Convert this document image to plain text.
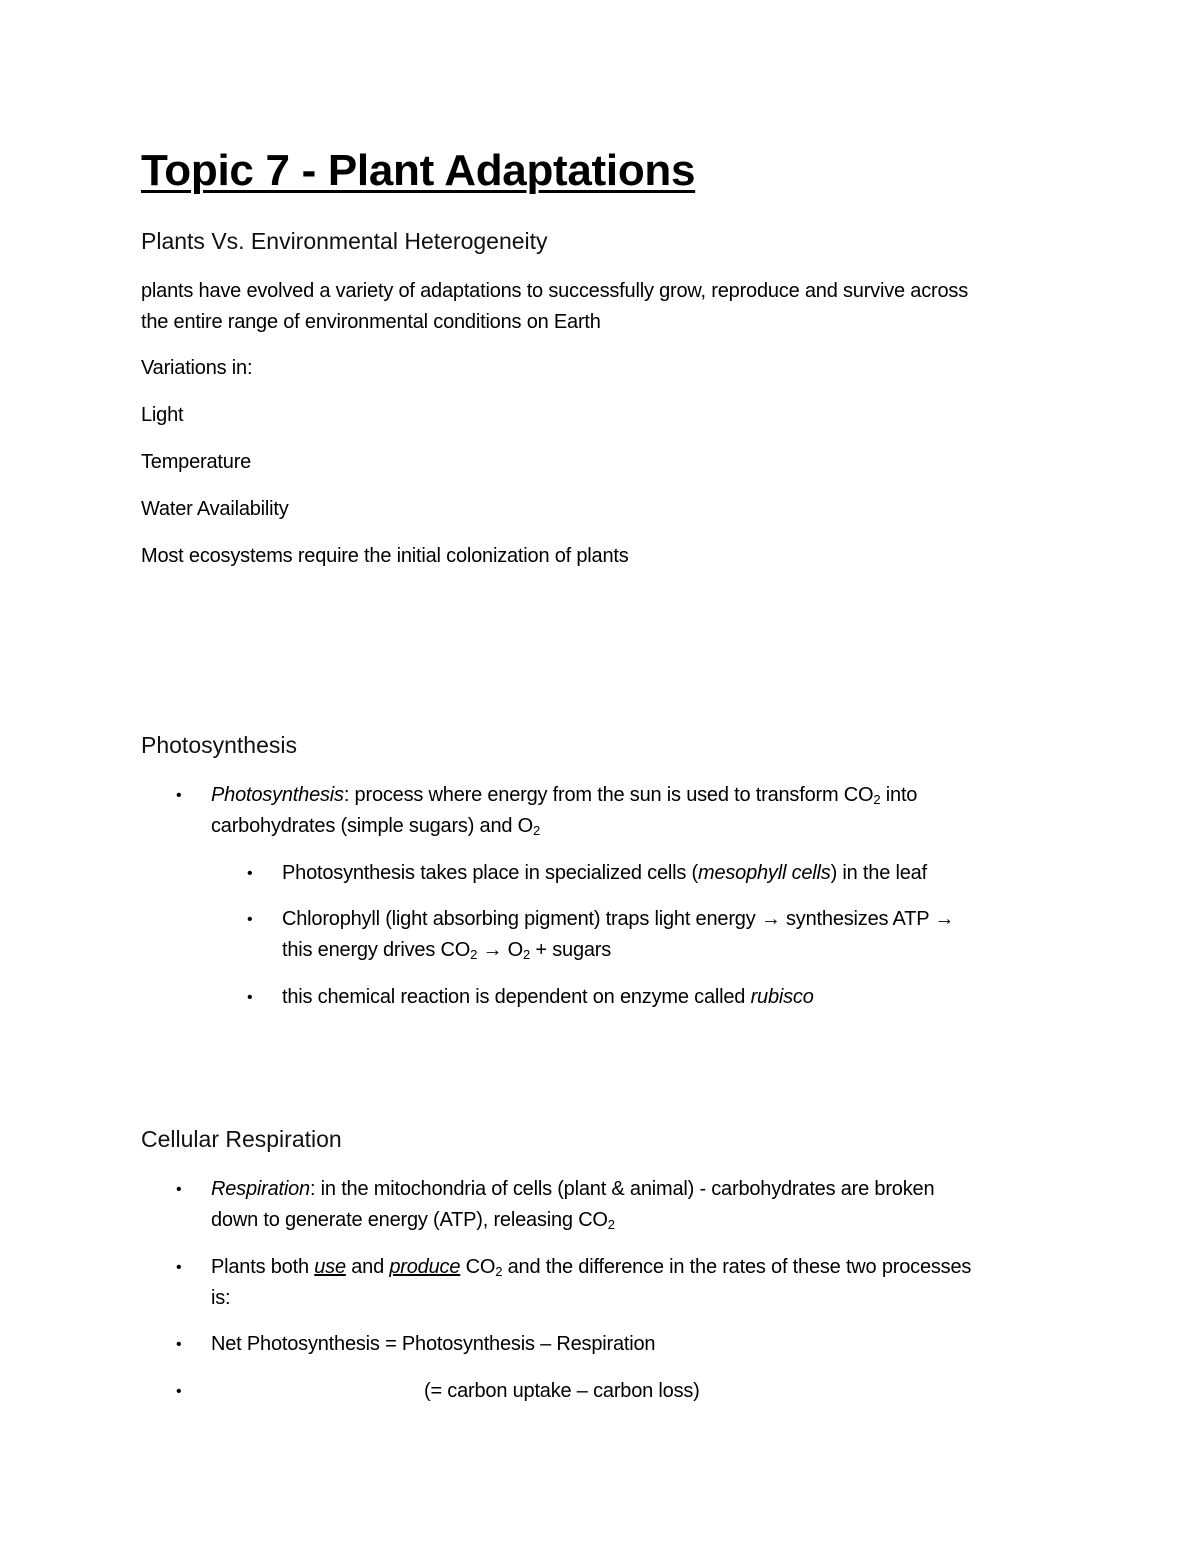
Topic 7 - Plant Adaptations
Plants Vs. Environmental Heterogeneity
plants have evolved a variety of adaptations to successfully grow, reproduce and survive across
the entire range of environmental conditions on Earth
Variations in:
Light
Temperature
Water Availability
Most ecosystems require the initial colonization of plants
Photosynthesis
• Photosynthesis: process where energy from the sun is used to transform $CO_2$ into
carbohydrates (simple sugars) and $O_2$
• Photosynthesis takes place in specialized cells (mesophyll cells) in the leaf
• Chlorophyll (light absorbing pigment) traps light energy → synthesizes ATP →
this energy drives $CO_2 \to O_2$ + sugars
• this chemical reaction is dependent on enzyme called rubisco
Cellular Respiration
• Respiration: in the mitochondria of cells (plant & animal) - carbohydrates are broken
down to generate energy (ATP), releasing $CO_2$
• Plants both use and produce $CO_2$ and the difference in the rates of these two processes
is:
• Net Photosynthesis = Photosynthesis – Respiration
•	(= carbon uptake – carbon loss)
